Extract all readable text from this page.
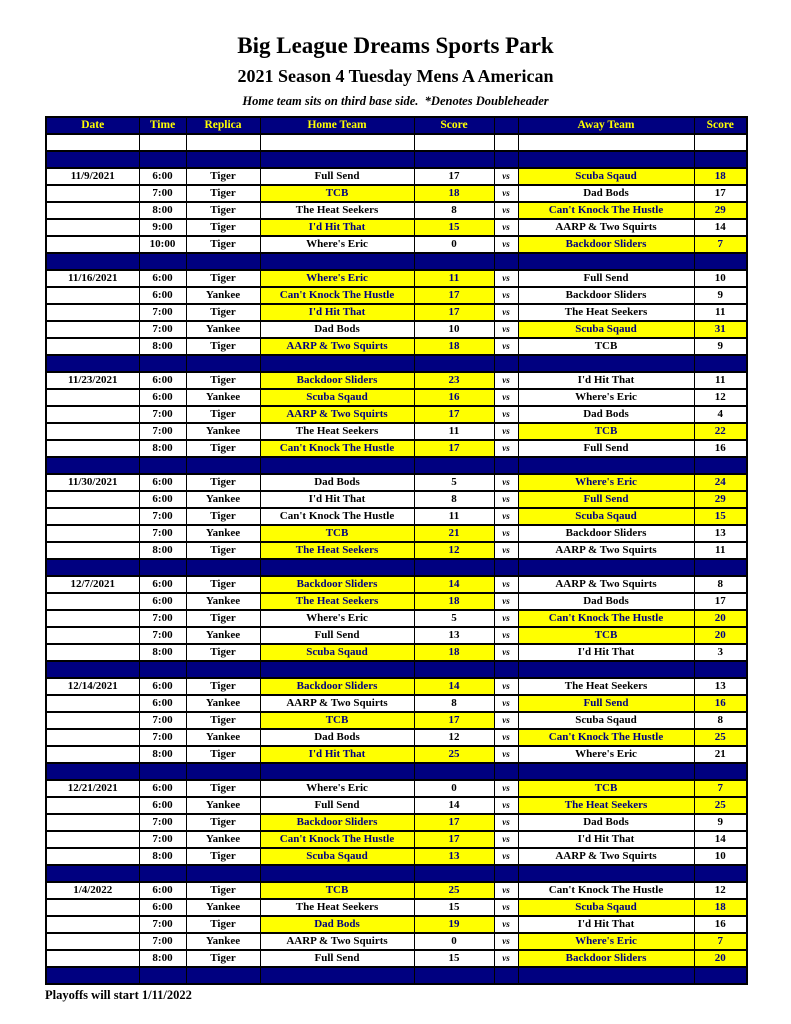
Big League Dreams Sports Park
2021 Season 4 Tuesday Mens A American
Home team sits on third base side.  *Denotes Doubleheader
Date	Time	Replica	Home Team	Score		Away Team	Score

11/9/2021	6:00	Tiger	Full Send	17	vs	Scuba Sqaud	18
	7:00	Tiger	TCB	18	vs	Dad Bods	17
	8:00	Tiger	The Heat Seekers	8	vs	Can't Knock The Hustle	29
	9:00	Tiger	I'd Hit That	15	vs	AARP & Two Squirts	14
	10:00	Tiger	Where's Eric	0	vs	Backdoor Sliders	7

11/16/2021	6:00	Tiger	Where's Eric	11	vs	Full Send	10
	6:00	Yankee	Can't Knock The Hustle	17	vs	Backdoor Sliders	9
	7:00	Tiger	I'd Hit That	17	vs	The Heat Seekers	11
	7:00	Yankee	Dad Bods	10	vs	Scuba Sqaud	31
	8:00	Tiger	AARP & Two Squirts	18	vs	TCB	9

11/23/2021	6:00	Tiger	Backdoor Sliders	23	vs	I'd Hit That	11
	6:00	Yankee	Scuba Sqaud	16	vs	Where's Eric	12
	7:00	Tiger	AARP & Two Squirts	17	vs	Dad Bods	4
	7:00	Yankee	The Heat Seekers	11	vs	TCB	22
	8:00	Tiger	Can't Knock The Hustle	17	vs	Full Send	16

11/30/2021	6:00	Tiger	Dad Bods	5	vs	Where's Eric	24
	6:00	Yankee	I'd Hit That	8	vs	Full Send	29
	7:00	Tiger	Can't Knock The Hustle	11	vs	Scuba Sqaud	15
	7:00	Yankee	TCB	21	vs	Backdoor Sliders	13
	8:00	Tiger	The Heat Seekers	12	vs	AARP & Two Squirts	11

12/7/2021	6:00	Tiger	Backdoor Sliders	14	vs	AARP & Two Squirts	8
	6:00	Yankee	The Heat Seekers	18	vs	Dad Bods	17
	7:00	Tiger	Where's Eric	5	vs	Can't Knock The Hustle	20
	7:00	Yankee	Full Send	13	vs	TCB	20
	8:00	Tiger	Scuba Sqaud	18	vs	I'd Hit That	3

12/14/2021	6:00	Tiger	Backdoor Sliders	14	vs	The Heat Seekers	13
	6:00	Yankee	AARP & Two Squirts	8	vs	Full Send	16
	7:00	Tiger	TCB	17	vs	Scuba Sqaud	8
	7:00	Yankee	Dad Bods	12	vs	Can't Knock The Hustle	25
	8:00	Tiger	I'd Hit That	25	vs	Where's Eric	21

12/21/2021	6:00	Tiger	Where's Eric	0	vs	TCB	7
	6:00	Yankee	Full Send	14	vs	The Heat Seekers	25
	7:00	Tiger	Backdoor Sliders	17	vs	Dad Bods	9
	7:00	Yankee	Can't Knock The Hustle	17	vs	I'd Hit That	14
	8:00	Tiger	Scuba Sqaud	13	vs	AARP & Two Squirts	10

1/4/2022	6:00	Tiger	TCB	25	vs	Can't Knock The Hustle	12
	6:00	Yankee	The Heat Seekers	15	vs	Scuba Sqaud	18
	7:00	Tiger	Dad Bods	19	vs	I'd Hit That	16
	7:00	Yankee	AARP & Two Squirts	0	vs	Where's Eric	7
	8:00	Tiger	Full Send	15	vs	Backdoor Sliders	20

Playoffs will start 1/11/2022
